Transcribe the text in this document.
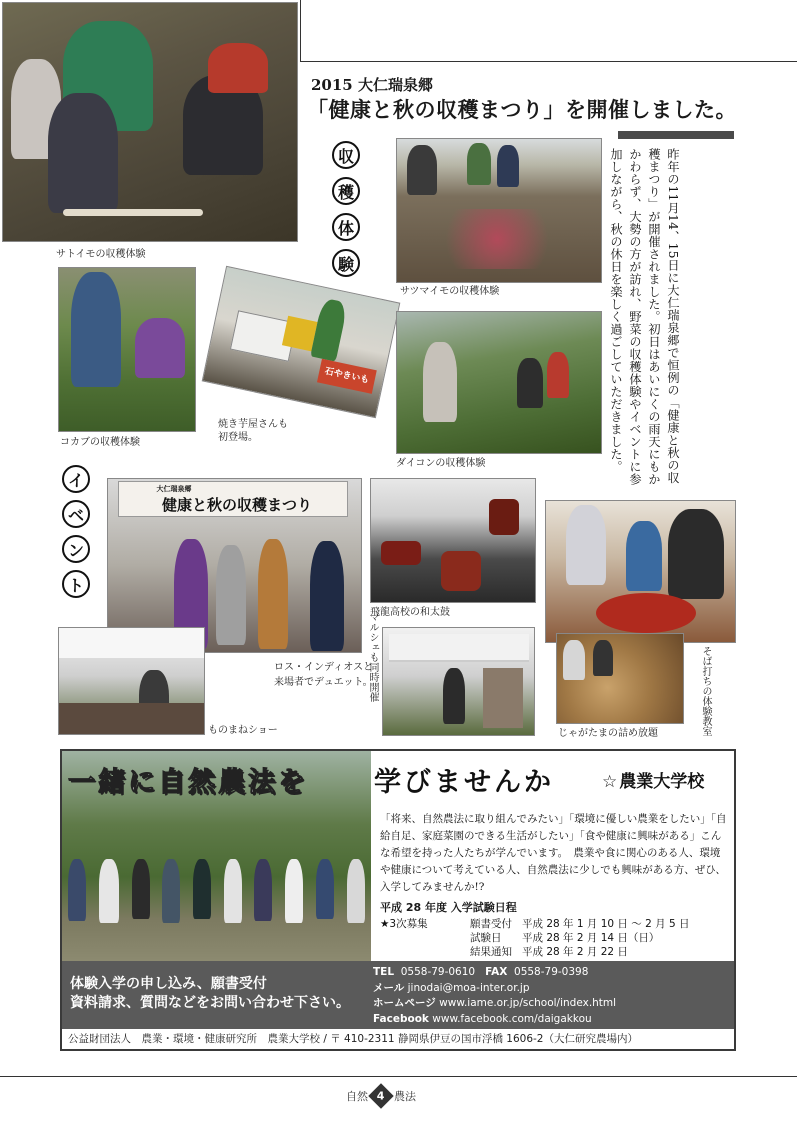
サトイモの収穫体験
2015 大仁瑞泉郷
「健康と秋の収穫まつり」を開催しました。
収
穫
体
験
サツマイモの収穫体験	昨年の11月14、15日に大仁瑞泉郷で恒例の「健康と秋の収穫まつり」が開催されました。初日はあいにくの雨天にもかかわらず、大勢の方が訪れ、野菜の収穫体験やイベントに参加しながら、秋の休日を楽しく過ごしていただきました。
コカブの収穫体験
石やきいも
焼き芋屋さんも
初登場。
ダイコンの収穫体験
イ
ベ
ン
ト
大仁瑞泉郷
健康と秋の収穫まつり
飛龍高校の和太鼓
そば打ちの体験教室
ものまねショー
ロス・インディオスと
来場者でデュエット。
マルシェも同時開催
じゃがたまの詰め放題
一緒に自然農法を 学びませんか	☆ 農業大学校
「将来、自然農法に取り組んでみたい」「環境に優しい農業をしたい」「自給自足、家庭菜園のできる生活がしたい」「食や健康に興味がある」こんな希望を持った人たちが学んでいます。　農業や食に関心のある人、環境や健康について考えている人、自然農法に少しでも興味がある方、ぜひ、入学してみませんか!?
平成 28 年度 入学試験日程
★3次募集	願書受付 平成 28 年 1 月 10 日 ～ 2 月 5 日
試験日	平成 28 年 2 月 14 日（日）
結果通知 平成 28 年 2 月 22 日
体験入学の申し込み、願書受付
資料請求、質問などをお問い合わせ下さい。
TEL 0558-79-0610 FAX 0558-79-0398
メール jinodai@moa-inter.or.jp
ホームページ www.iame.or.jp/school/index.html
Facebook www.facebook.com/daigakkou
公益財団法人　農業・環境・健康研究所　農業大学校 / 〒 410-2311 静岡県伊豆の国市浮橋 1606-2（大仁研究農場内）
自然 4 農法
